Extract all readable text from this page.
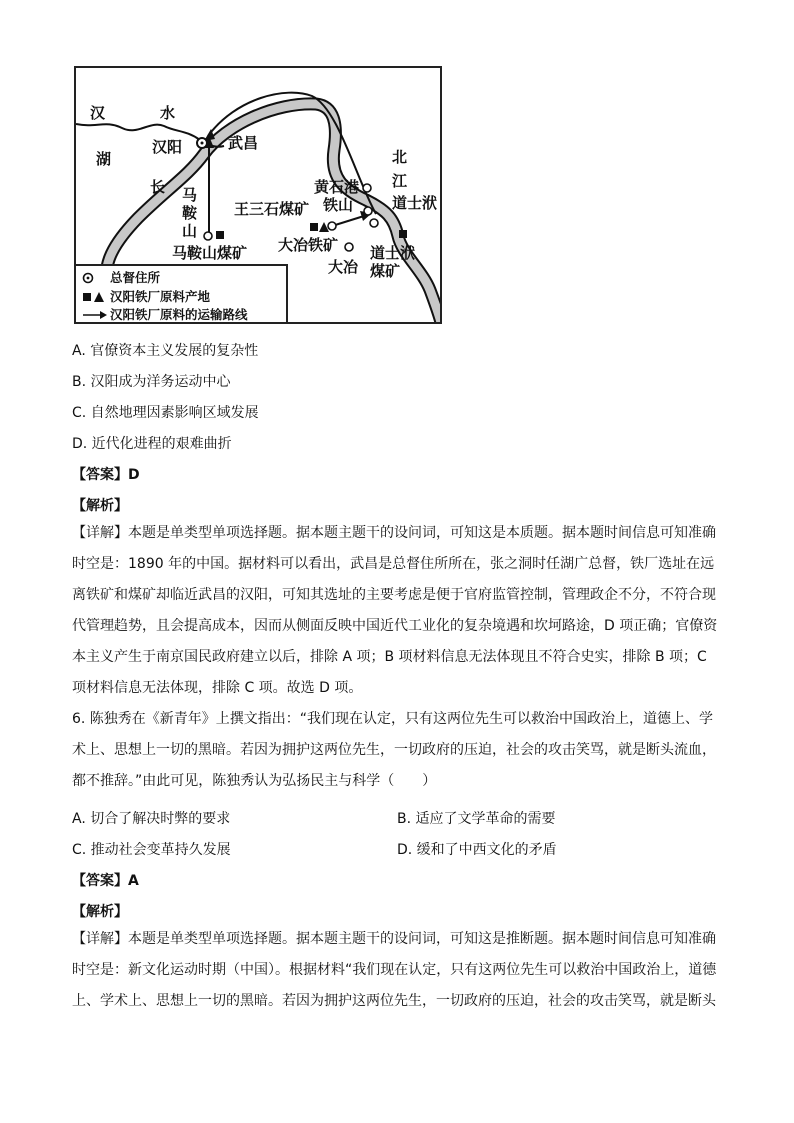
汉	水
湖
汉阳	武昌
长 马鞍山
马鞍山煤矿
北
江
黄石港
铁山	道士洑
王三石煤矿
大冶铁矿
大冶
道士洑
煤矿
总督住所
汉阳铁厂原料产地
汉阳铁厂原料的运输路线
A. 官僚资本主义发展的复杂性
B. 汉阳成为洋务运动中心
C. 自然地理因素影响区域发展
D. 近代化进程的艰难曲折
【答案】D
【解析】
【详解】本题是单类型单项选择题。据本题主题干的设问词，可知这是本质题。据本题时间信息可知准确时空是：1890 年的中国。据材料可以看出，武昌是总督住所所在，张之洞时任湖广总督，铁厂选址在远离铁矿和煤矿却临近武昌的汉阳，可知其选址的主要考虑是便于官府监管控制，管理政企不分，不符合现代管理趋势，且会提高成本，因而从侧面反映中国近代工业化的复杂境遇和坎坷路途，D 项正确；官僚资本主义产生于南京国民政府建立以后，排除 A 项；B 项材料信息无法体现且不符合史实，排除 B 项；C 项材料信息无法体现，排除 C 项。故选 D 项。
6. 陈独秀在《新青年》上撰文指出：“我们现在认定，只有这两位先生可以救治中国政治上，道德上、学术上、思想上一切的黑暗。若因为拥护这两位先生，一切政府的压迫，社会的攻击笑骂，就是断头流血，都不推辞。”由此可见，陈独秀认为弘扬民主与科学（　　）
A. 切合了解决时弊的要求	B. 适应了文学革命的需要
C. 推动社会变革持久发展	D. 缓和了中西文化的矛盾
【答案】A
【解析】
【详解】本题是单类型单项选择题。据本题主题干的设问词，可知这是推断题。据本题时间信息可知准确时空是：新文化运动时期（中国）。根据材料“我们现在认定，只有这两位先生可以救治中国政治上，道德上、学术上、思想上一切的黑暗。若因为拥护这两位先生，一切政府的压迫，社会的攻击笑骂，就是断头
